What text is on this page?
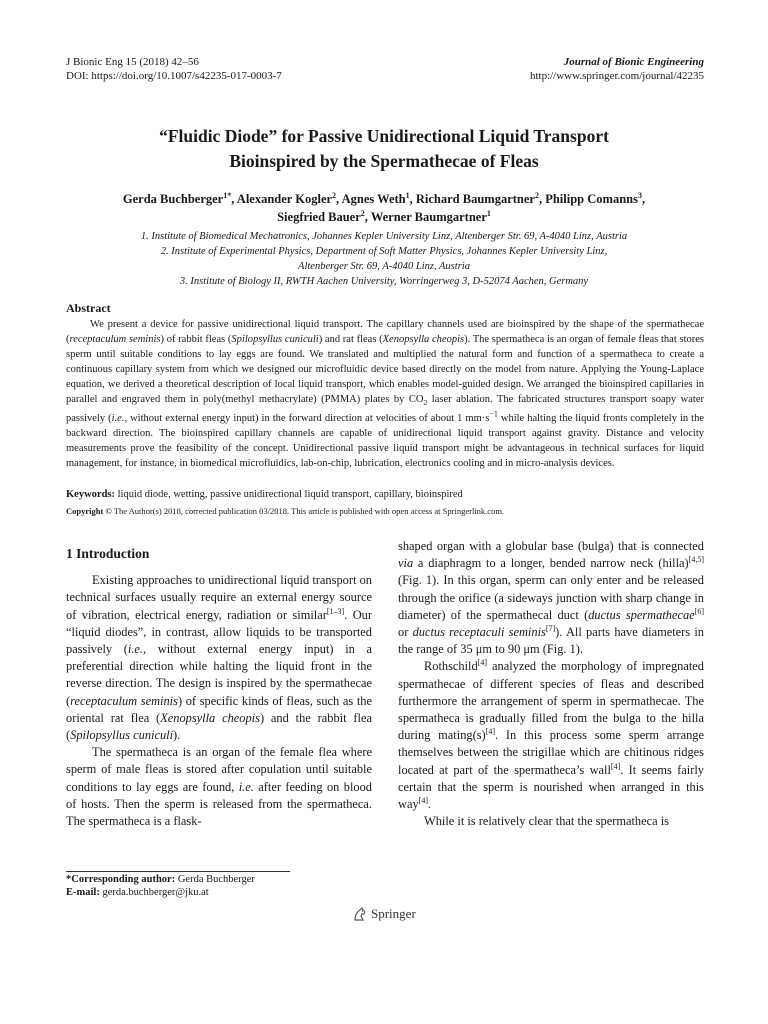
J Bionic Eng 15 (2018) 42–56
DOI: https://doi.org/10.1007/s42235-017-0003-7
Journal of Bionic Engineering
http://www.springer.com/journal/42235
“Fluidic Diode” for Passive Unidirectional Liquid Transport
Bioinspired by the Spermathecae of Fleas
Gerda Buchberger$^{1*}$, Alexander Kogler$^2$, Agnes Weth$^1$, Richard Baumgartner$^2$, Philipp Comanns$^3$,
Siegfried Bauer$^2$, Werner Baumgartner$^1$
1. Institute of Biomedical Mechatronics, Johannes Kepler University Linz, Altenberger Str. 69, A-4040 Linz, Austria
2. Institute of Experimental Physics, Department of Soft Matter Physics, Johannes Kepler University Linz,
Altenberger Str. 69, A-4040 Linz, Austria
3. Institute of Biology II, RWTH Aachen University, Worringerweg 3, D-52074 Aachen, Germany
Abstract

We present a device for passive unidirectional liquid transport. The capillary channels used are bioinspired by the shape of the spermathecae (receptaculum seminis) of rabbit fleas (Spilopsyllus cuniculi) and rat fleas (Xenopsylla cheopis). The spermatheca is an organ of female fleas that stores sperm until suitable conditions to lay eggs are found. We translated and multiplied the natural form and function of a spermatheca to create a continuous capillary system from which we designed our microfluidic device based directly on the model from nature. Applying the Young-Laplace equation, we derived a theoretical description of local liquid transport, which enables model-guided design. We arranged the bioinspired capillaries in parallel and engraved them in poly(methyl methacrylate) (PMMA) plates by $CO_2$ laser ablation. The fabricated structures transport soapy water passively (i.e., without external energy input) in the forward direction at velocities of about 1 $mm\cdot s^{-1}$ while halting the liquid fronts completely in the backward direction. The bioinspired capillary channels are capable of unidirectional liquid transport against gravity. Distance and velocity measurements prove the feasibility of the concept. Unidirectional passive liquid transport might be advantageous in technical surfaces for liquid management, for instance, in biomedical microfluidics, lab-on-chip, lubrication, electronics cooling and in micro-analysis devices.

Keywords: liquid diode, wetting, passive unidirectional liquid transport, capillary, bioinspired
Copyright © The Author(s) 2018, corrected publication 03/2018. This article is published with open access at Springerlink.com.
1 Introduction

Existing approaches to unidirectional liquid transport on technical surfaces usually require an external energy source of vibration, electrical energy, radiation or similar[1–3]. Our “liquid diodes”, in contrast, allow liquids to be transported passively (i.e., without external energy input) in a preferential direction while halting the liquid front in the reverse direction. The design is inspired by the spermathecae (receptaculum seminis) of specific kinds of fleas, such as the oriental rat flea (Xenopsylla cheopis) and the rabbit flea (Spilopsyllus cuniculi).

The spermatheca is an organ of the female flea where sperm of male fleas is stored after copulation until suitable conditions to lay eggs are found, i.e. after feeding on blood of hosts. Then the sperm is released from the spermatheca. The spermatheca is a flask-

shaped organ with a globular base (bulga) that is connected via a diaphragm to a longer, bended narrow neck (hilla)[4,5] (Fig. 1). In this organ, sperm can only enter and be released through the orifice (a sideways junction with sharp change in diameter) of the spermathecal duct (ductus spermathecae[6] or ductus receptaculi seminis[7]). All parts have diameters in the range of 35 μm to 90 μm (Fig. 1).

Rothschild[4] analyzed the morphology of impregnated spermathecae of different species of fleas and described furthermore the arrangement of sperm in spermathecae. The spermatheca is gradually filled from the bulga to the hilla during mating(s)[4]. In this process some sperm arrange themselves between the strigillae which are chitinous ridges located at part of the spermatheca’s wall[4]. It seems fairly certain that the sperm is nourished when arranged in this way[4].

While it is relatively clear that the spermatheca is

*Corresponding author: Gerda Buchberger
E-mail: gerda.buchberger@jku.at
Springer
